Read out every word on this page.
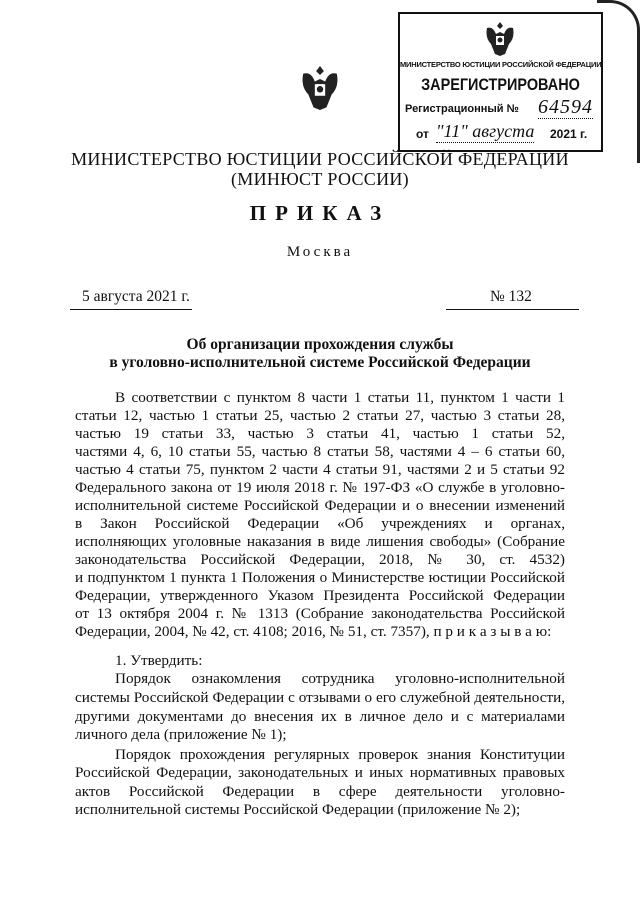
МИНИСТЕРСТВО ЮСТИЦИИ РОССИЙСКОЙ ФЕДЕРАЦИИ
ЗАРЕГИСТРИРОВАНО
Регистрационный № 64594
от "11" августа 2021 г.
МИНИСТЕРСТВО ЮСТИЦИИ РОССИЙСКОЙ ФЕДЕРАЦИИ
(МИНЮСТ РОССИИ)
ПРИКАЗ
Москва
5 августа 2021 г.	№ 132
Об организации прохождения службы
в уголовно-исполнительной системе Российской Федерации
В соответствии с пунктом 8 части 1 статьи 11, пунктом 1 части 1
статьи 12, частью 1 статьи 25, частью 2 статьи 27, частью 3 статьи 28,
частью 19 статьи 33, частью 3 статьи 41, частью 1 статьи 52,
частями 4, 6, 10 статьи 55, частью 8 статьи 58, частями 4 – 6 статьи 60,
частью 4 статьи 75, пунктом 2 части 4 статьи 91, частями 2 и 5 статьи 92
Федерального закона от 19 июля 2018 г. № 197-ФЗ «О службе в уголовно-
исполнительной системе Российской Федерации и о внесении изменений
в Закон Российской Федерации «Об учреждениях и органах,
исполняющих уголовные наказания в виде лишения свободы» (Собрание
законодательства Российской Федерации, 2018, № 30, ст. 4532)
и подпунктом 1 пункта 1 Положения о Министерстве юстиции Российской
Федерации, утвержденного Указом Президента Российской Федерации
от 13 октября 2004 г. № 1313 (Собрание законодательства Российской
Федерации, 2004, № 42, ст. 4108; 2016, № 51, ст. 7357), п р и к а з ы в а ю:
1. Утвердить:
Порядок ознакомления сотрудника уголовно-исполнительной
системы Российской Федерации с отзывами о его служебной деятельности,
другими документами до внесения их в личное дело и с материалами
личного дела (приложение № 1);
Порядок прохождения регулярных проверок знания Конституции
Российской Федерации, законодательных и иных нормативных правовых
актов Российской Федерации в сфере деятельности уголовно-
исполнительной системы Российской Федерации (приложение № 2);
